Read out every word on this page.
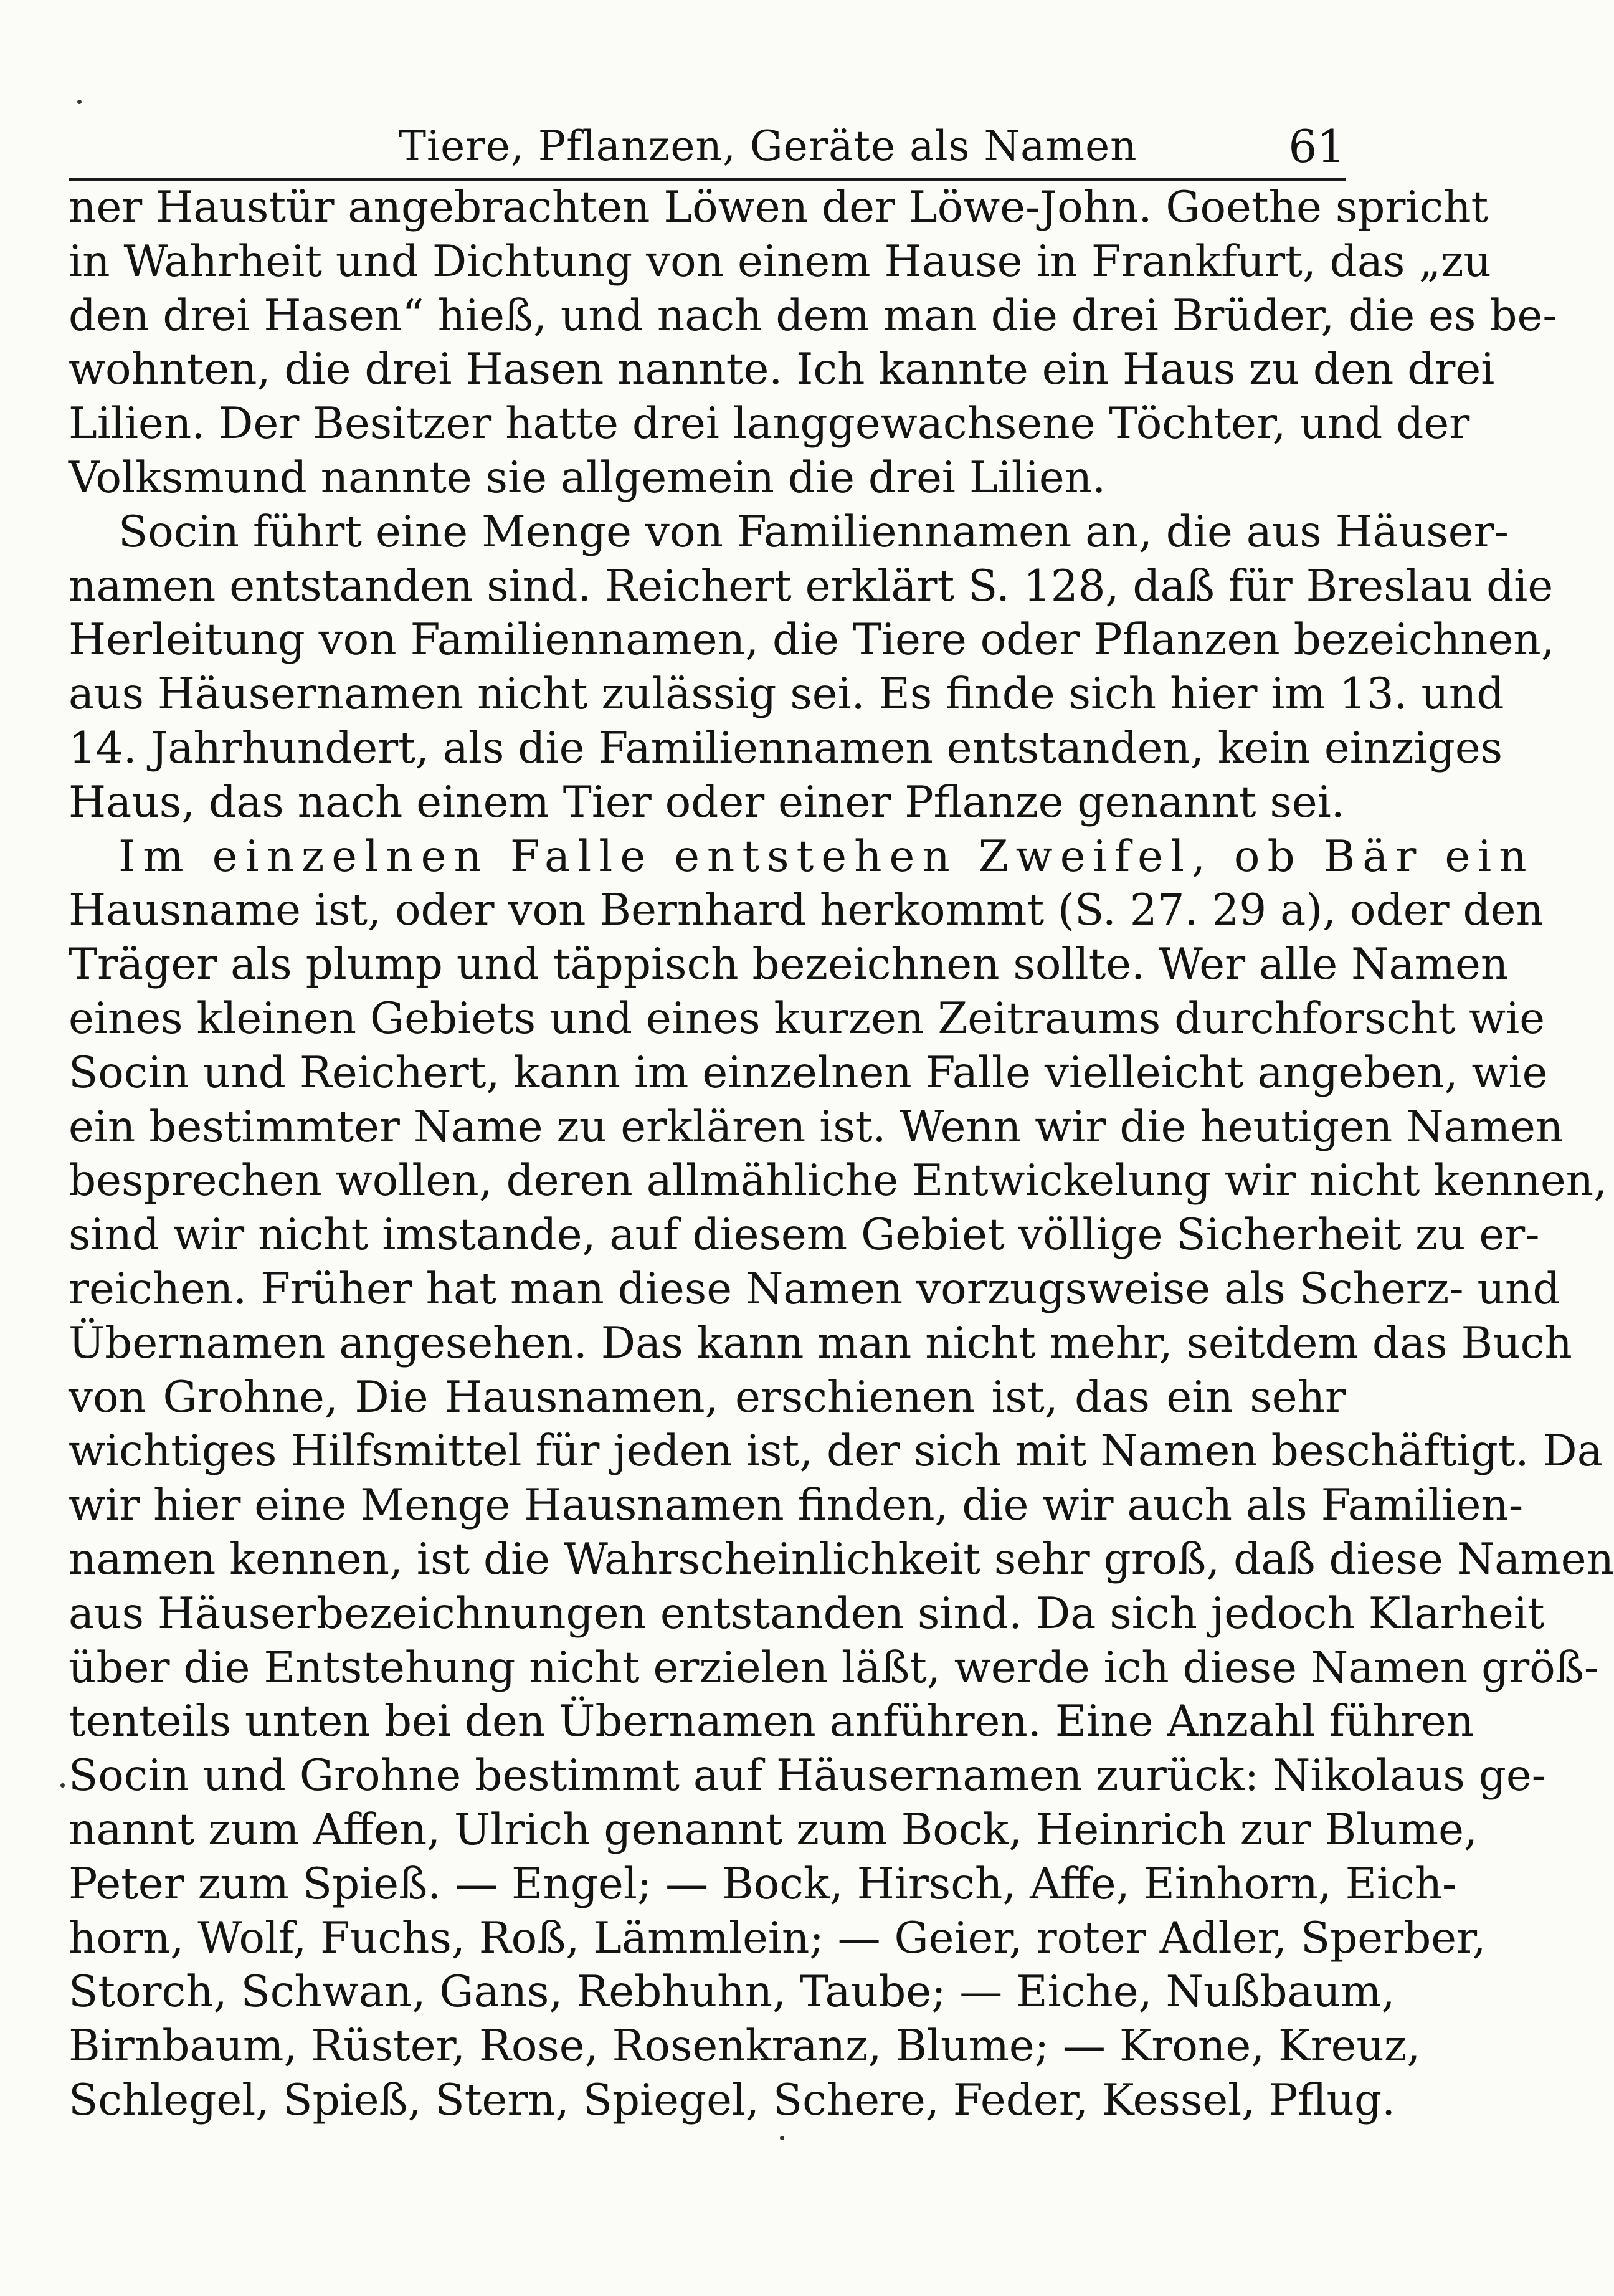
Tiere, Pflanzen, Geräte als Namen	61
ner Haustür angebrachten Löwen der Löwe-John. Goethe spricht
in Wahrheit und Dichtung von einem Hause in Frankfurt, das „zu
den drei Hasen“ hieß, und nach dem man die drei Brüder, die es be-
wohnten, die drei Hasen nannte. Ich kannte ein Haus zu den drei
Lilien. Der Besitzer hatte drei langgewachsene Töchter, und der
Volksmund nannte sie allgemein die drei Lilien.
Socin führt eine Menge von Familiennamen an, die aus Häuser-
namen entstanden sind. Reichert erklärt S. 128, daß für Breslau die
Herleitung von Familiennamen, die Tiere oder Pflanzen bezeichnen,
aus Häusernamen nicht zulässig sei. Es finde sich hier im 13. und
14. Jahrhundert, als die Familiennamen entstanden, kein einziges
Haus, das nach einem Tier oder einer Pflanze genannt sei.
Im einzelnen Falle entstehen Zweifel, ob Bär ein
Hausname ist, oder von Bernhard herkommt (S. 27. 29 a), oder den
Träger als plump und täppisch bezeichnen sollte. Wer alle Namen
eines kleinen Gebiets und eines kurzen Zeitraums durchforscht wie
Socin und Reichert, kann im einzelnen Falle vielleicht angeben, wie
ein bestimmter Name zu erklären ist. Wenn wir die heutigen Namen
besprechen wollen, deren allmähliche Entwickelung wir nicht kennen,
sind wir nicht imstande, auf diesem Gebiet völlige Sicherheit zu er-
reichen. Früher hat man diese Namen vorzugsweise als Scherz- und
Übernamen angesehen. Das kann man nicht mehr, seitdem das Buch
von Grohne, Die Hausnamen, erschienen ist, das ein sehr
wichtiges Hilfsmittel für jeden ist, der sich mit Namen beschäftigt. Da
wir hier eine Menge Hausnamen finden, die wir auch als Familien-
namen kennen, ist die Wahrscheinlichkeit sehr groß, daß diese Namen
aus Häuserbezeichnungen entstanden sind. Da sich jedoch Klarheit
über die Entstehung nicht erzielen läßt, werde ich diese Namen größ-
tenteils unten bei den Übernamen anführen. Eine Anzahl führen
Socin und Grohne bestimmt auf Häusernamen zurück: Nikolaus ge-
nannt zum Affen, Ulrich genannt zum Bock, Heinrich zur Blume,
Peter zum Spieß. — Engel; — Bock, Hirsch, Affe, Einhorn, Eich-
horn, Wolf, Fuchs, Roß, Lämmlein; — Geier, roter Adler, Sperber,
Storch, Schwan, Gans, Rebhuhn, Taube; — Eiche, Nußbaum,
Birnbaum, Rüster, Rose, Rosenkranz, Blume; — Krone, Kreuz,
Schlegel, Spieß, Stern, Spiegel, Schere, Feder, Kessel, Pflug.
